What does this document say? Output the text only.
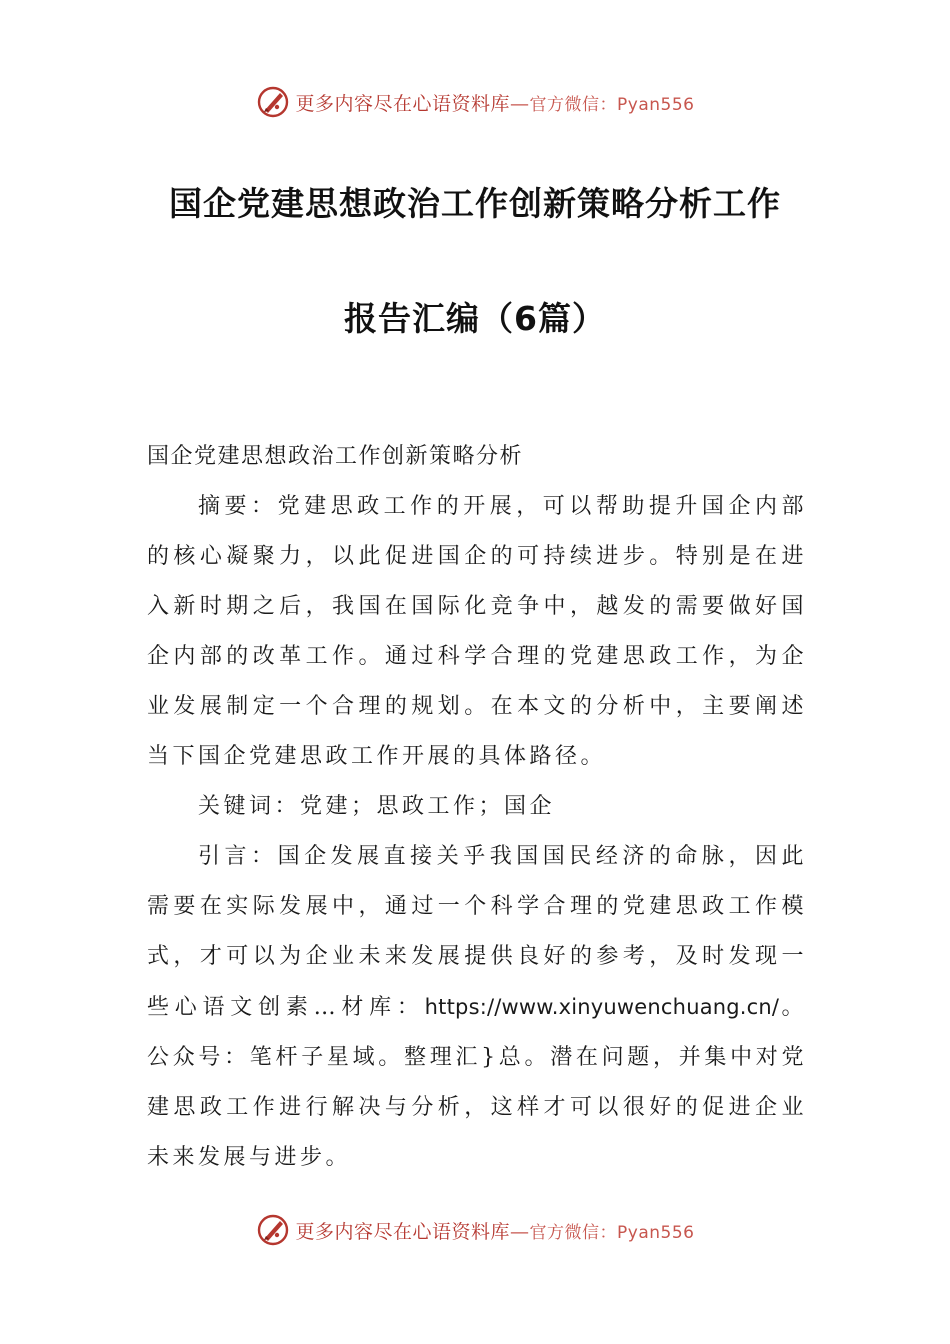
更多内容尽在心语资料库—官方微信：Pyan556
国企党建思想政治工作创新策略分析工作
报告汇编（6篇）

国企党建思想政治工作创新策略分析

摘要：党建思政工作的开展，可以帮助提升国企内部的核心凝聚力，以此促进国企的可持续进步。特别是在进入新时期之后，我国在国际化竞争中，越发的需要做好国企内部的改革工作。通过科学合理的党建思政工作，为企业发展制定一个合理的规划。在本文的分析中，主要阐述当下国企党建思政工作开展的具体路径。

关键词：党建；思政工作；国企

引言：国企发展直接关乎我国国民经济的命脉，因此需要在实际发展中，通过一个科学合理的党建思政工作模式，才可以为企业未来发展提供良好的参考，及时发现一些心语文创素…材库：https://www.xinyuwenchuang.cn/。公众号：笔杆子星域。整理汇}总。潜在问题，并集中对党建思政工作进行解决与分析，这样才可以很好的促进企业未来发展与进步。

更多内容尽在心语资料库—官方微信：Pyan556
